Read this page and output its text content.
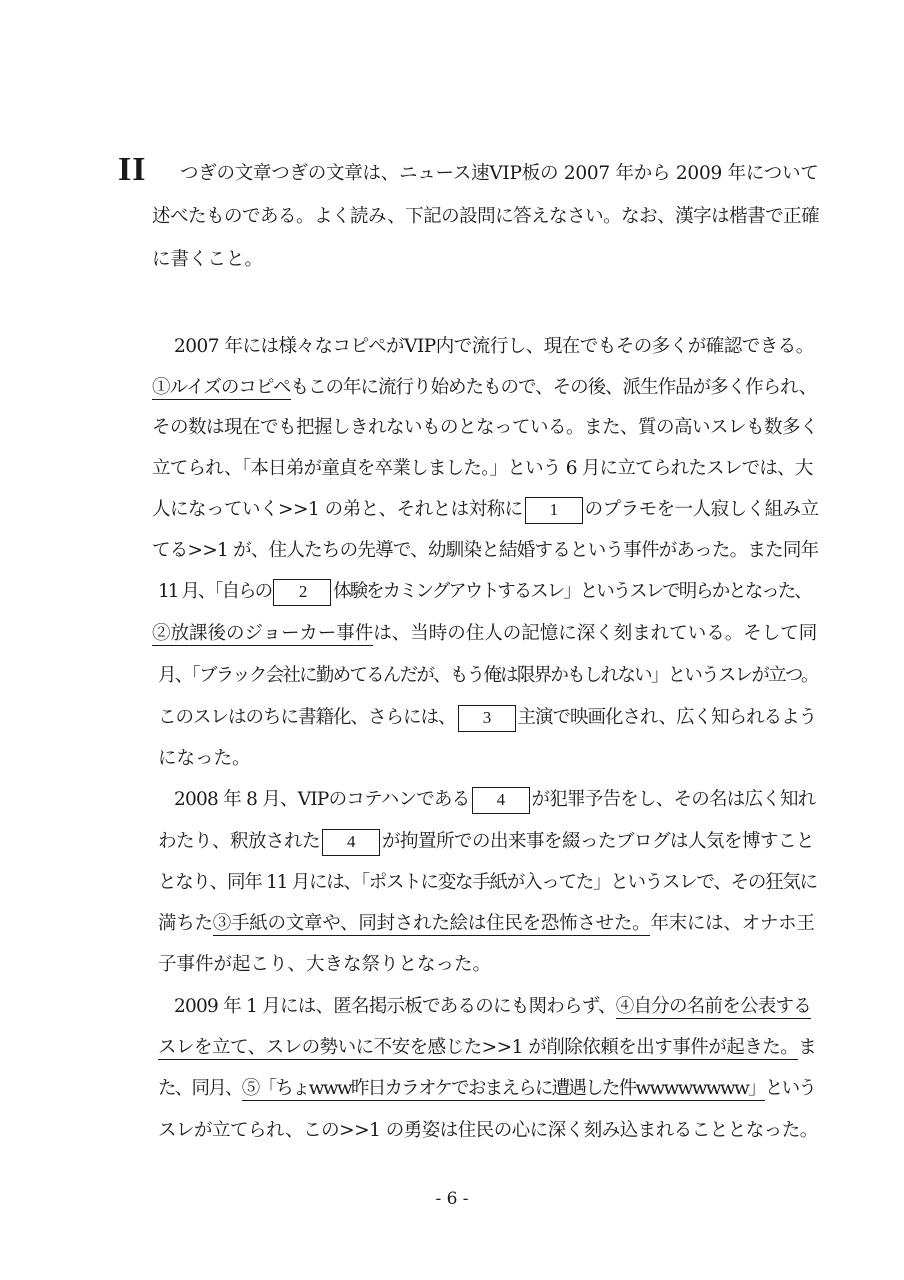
II つぎの文章つぎの文章は、ニュース速VIP板の 2007 年から 2009 年について
述べたものである。よく読み、下記の設問に答えなさい。なお、漢字は楷書で正確
に書くこと。
2007 年には様々なコピペがVIP内で流行し、現在でもその多くが確認できる。
①ルイズのコピペもこの年に流行り始めたもので、その後、派生作品が多く作られ、
その数は現在でも把握しきれないものとなっている。また、質の高いスレも数多く
立てられ、「本日弟が童貞を卒業しました。」という 6 月に立てられたスレでは、大
人になっていく>>1 の弟と、それとは対称に 1 のプラモを一人寂しく組み立
てる>>1 が、住人たちの先導で、幼馴染と結婚するという事件があった。また同年
11 月、「自らの 2 体験をカミングアウトするスレ」というスレで明らかとなった、
②放課後のジョーカー事件は、当時の住人の記憶に深く刻まれている。そして同
月、「ブラック会社に勤めてるんだが、もう俺は限界かもしれない」というスレが立つ。
このスレはのちに書籍化、さらには、 3 主演で映画化され、広く知られるよう
になった。
2008 年 8 月、VIPのコテハンである 4 が犯罪予告をし、その名は広く知れ
わたり、釈放された 4 が拘置所での出来事を綴ったブログは人気を博すこと
となり、同年 11 月には、「ポストに変な手紙が入ってた」というスレで、その狂気に
満ちた③手紙の文章や、同封された絵は住民を恐怖させた。年末には、オナホ王
子事件が起こり、大きな祭りとなった。
2009 年 1 月には、匿名掲示板であるのにも関わらず、④自分の名前を公表する
スレを立て、スレの勢いに不安を感じた>>1 が削除依頼を出す事件が起きた。ま
た、同月、⑤「ちょwww昨日カラオケでおまえらに遭遇した件wwwwwwww」という
スレが立てられ、この>>1 の勇姿は住民の心に深く刻み込まれることとなった。
- 6 -
